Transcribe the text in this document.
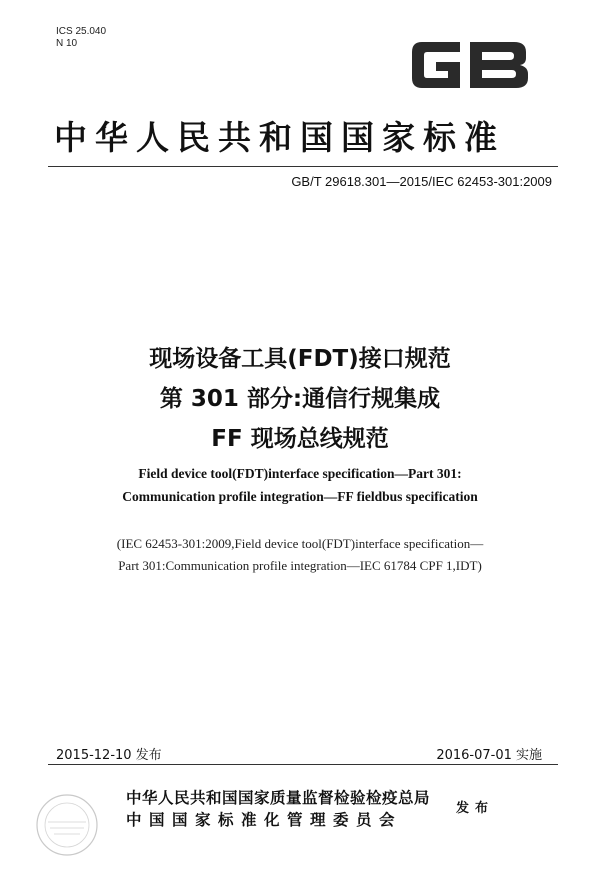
ICS 25.040
N 10
中华人民共和国国家标准
GB/T 29618.301—2015/IEC 62453-301:2009
现场设备工具(FDT)接口规范
第 301 部分:通信行规集成
FF 现场总线规范
Field device tool(FDT)interface specification—Part 301:
Communication profile integration—FF fieldbus specification
(IEC 62453-301:2009,Field device tool(FDT)interface specification—
Part 301:Communication profile integration—IEC 61784 CPF 1,IDT)
2015-12-10 发布	2016-07-01 实施
中华人民共和国国家质量监督检验检疫总局
中国国家标准化管理委员会
发布
